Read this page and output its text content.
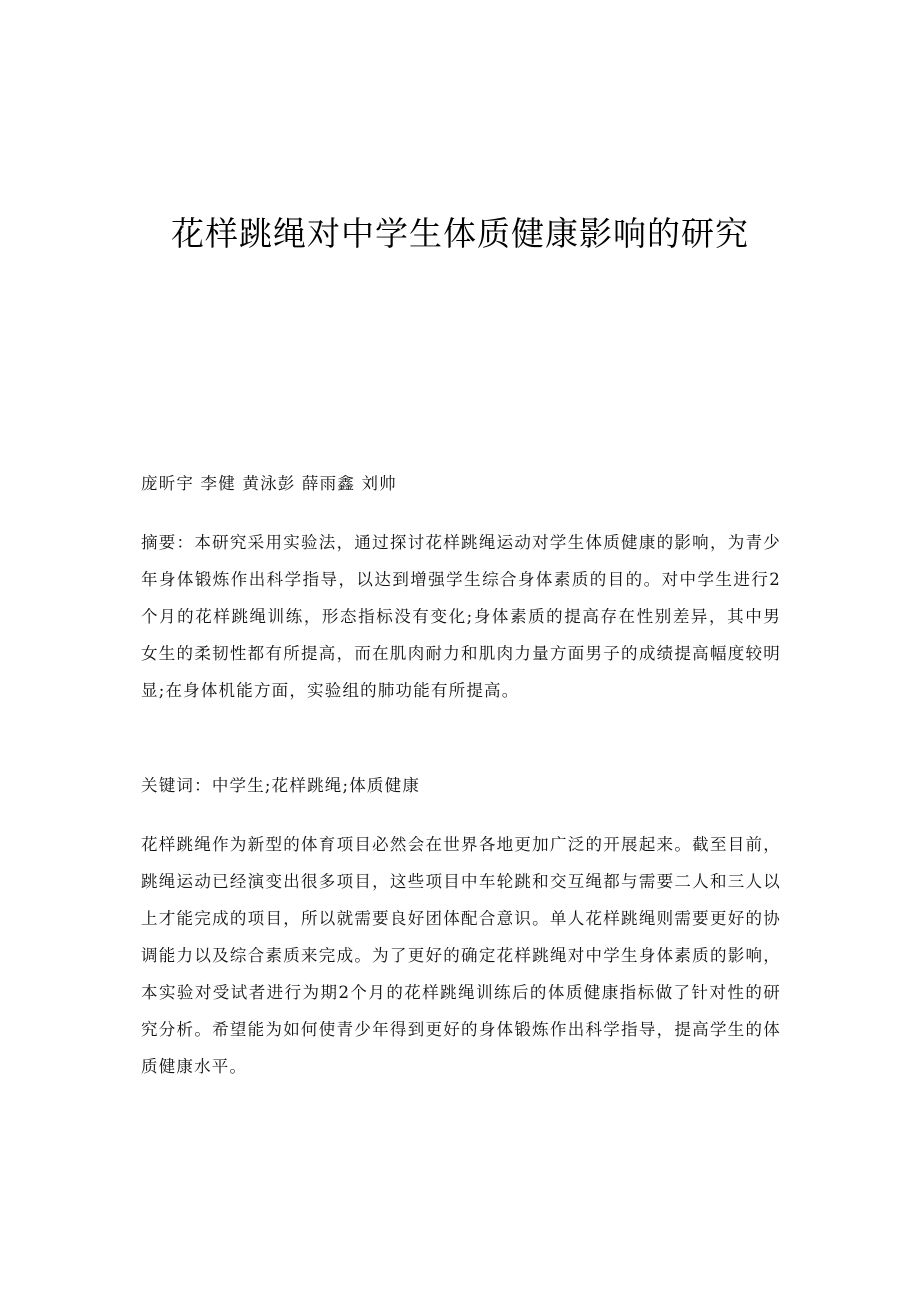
花样跳绳对中学生体质健康影响的研究
庞昕宇 李健 黄泳彭 薛雨鑫 刘帅

摘要：本研究采用实验法，通过探讨花样跳绳运动对学生体质健康的影响，为青少年身体锻炼作出科学指导，以达到增强学生综合身体素质的目的。对中学生进行2个月的花样跳绳训练，形态指标没有变化;身体素质的提高存在性别差异，其中男女生的柔韧性都有所提高，而在肌肉耐力和肌肉力量方面男子的成绩提高幅度较明显;在身体机能方面，实验组的肺功能有所提高。

关键词：中学生;花样跳绳;体质健康

花样跳绳作为新型的体育项目必然会在世界各地更加广泛的开展起来。截至目前，跳绳运动已经演变出很多项目，这些项目中车轮跳和交互绳都与需要二人和三人以上才能完成的项目，所以就需要良好团体配合意识。单人花样跳绳则需要更好的协调能力以及综合素质来完成。为了更好的确定花样跳绳对中学生身体素质的影响，本实验对受试者进行为期2个月的花样跳绳训练后的体质健康指标做了针对性的研究分析。希望能为如何使青少年得到更好的身体锻炼作出科学指导，提高学生的体质健康水平。
